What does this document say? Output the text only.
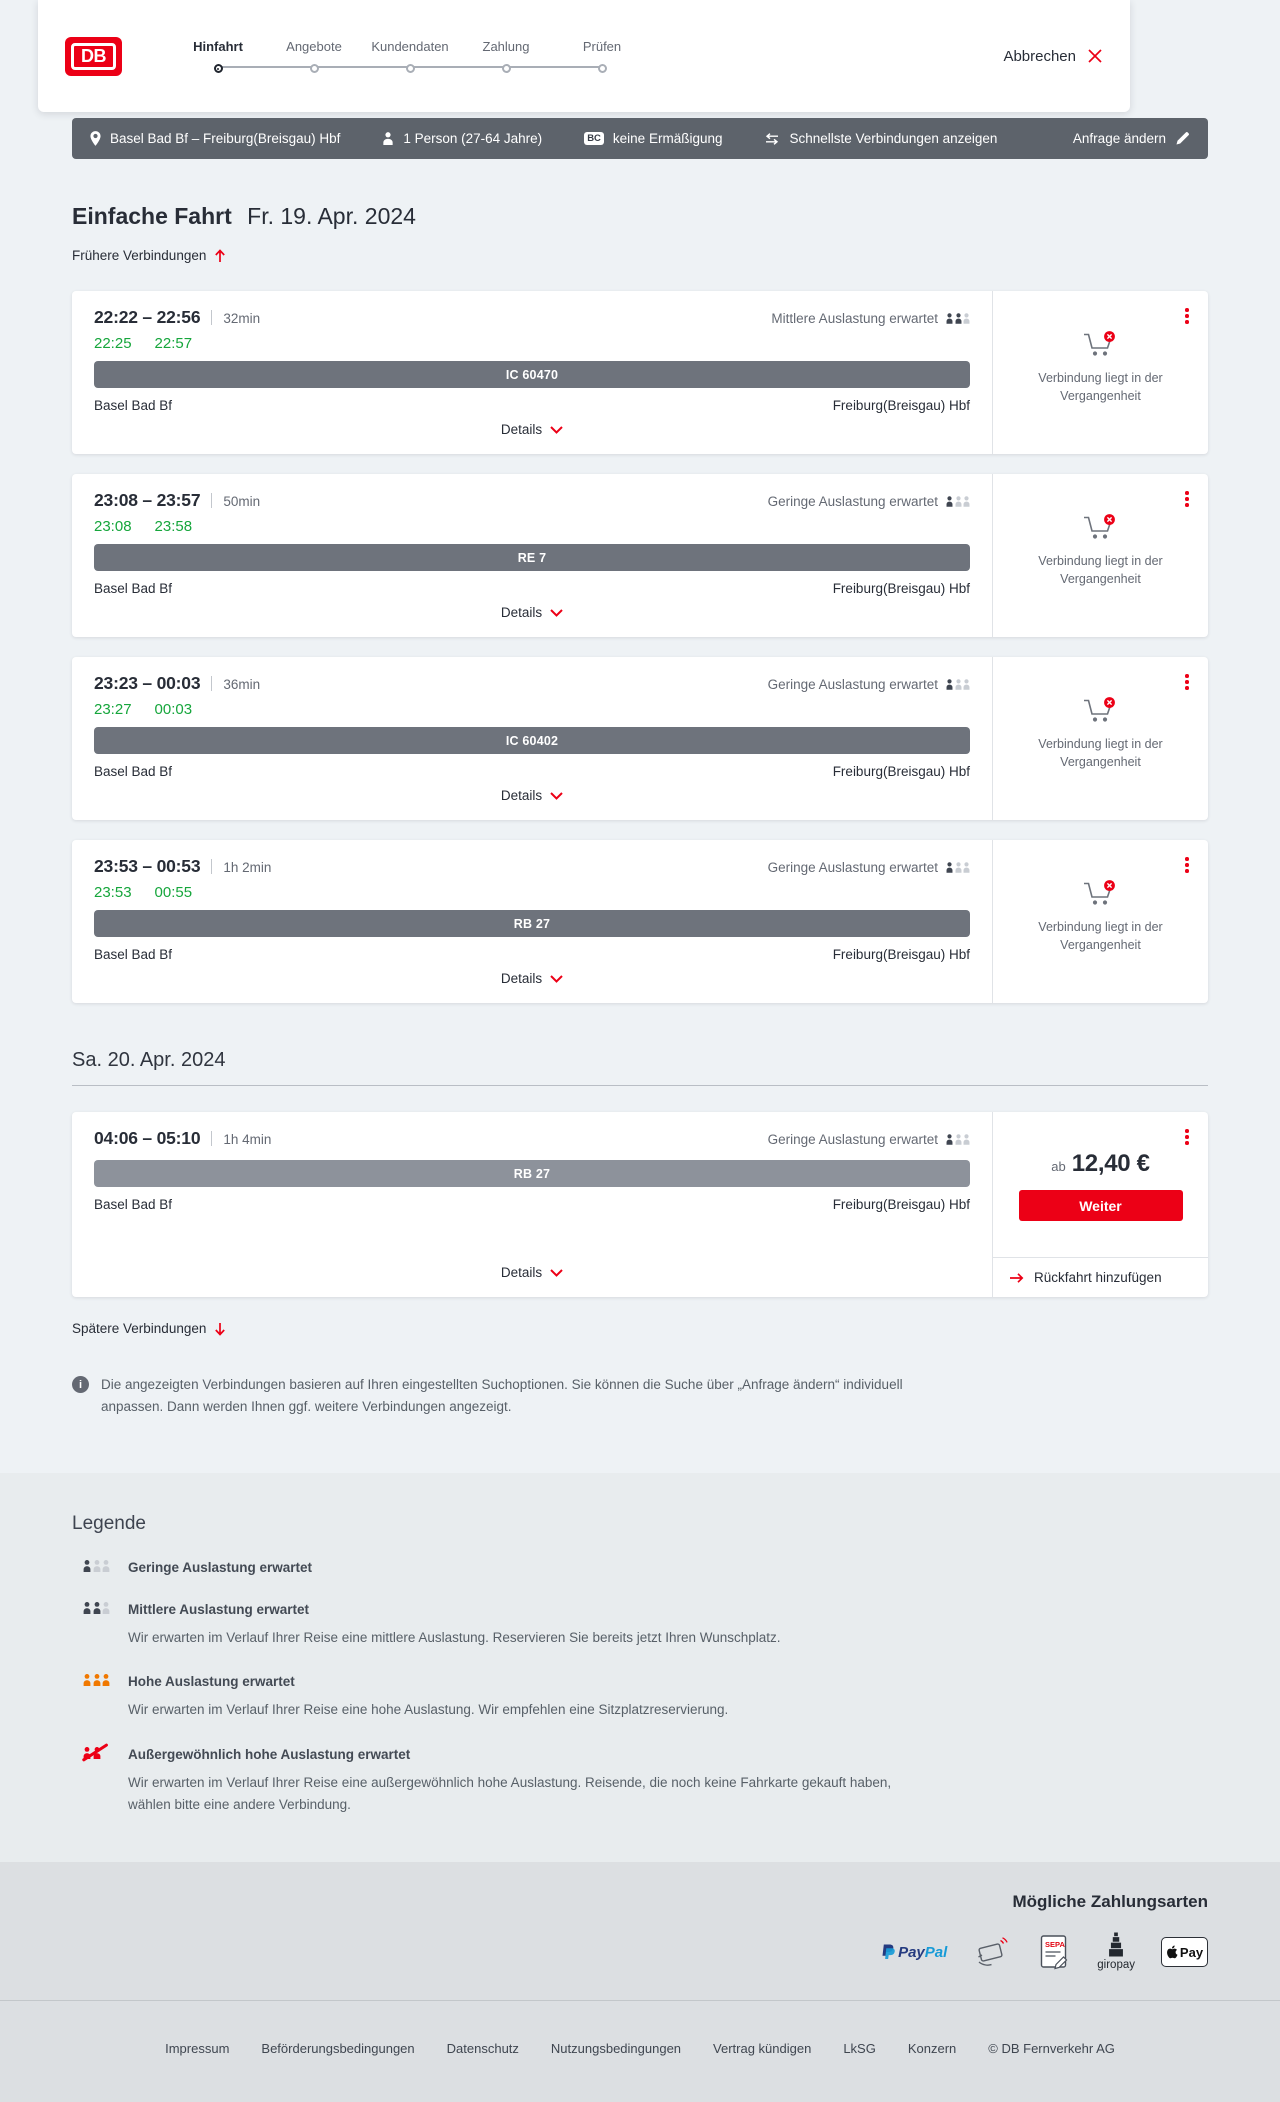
DB	Hinfahrt	Angebote	Kundendaten	Zahlung	Prüfen
Abbrechen
Basel Bad Bf – Freiburg(Breisgau) Hbf	1 Person (27-64 Jahre)	BC keine Ermäßigung	Schnellste Verbindungen anzeigen	Anfrage ändern
Einfache Fahrt Fr. 19. Apr. 2024
Frühere Verbindungen
22:22 – 22:56 32min	Mittlere Auslastung erwartet
22:25 22:57
IC 60470
Basel Bad Bf	Freiburg(Breisgau) Hbf
Details

Verbindung liegt in der Vergangenheit

23:08 – 23:57 50min	Geringe Auslastung erwartet
23:08 23:58
RE 7
Basel Bad Bf	Freiburg(Breisgau) Hbf
Details

Verbindung liegt in der Vergangenheit

23:23 – 00:03 36min	Geringe Auslastung erwartet
23:27 00:03
IC 60402
Basel Bad Bf	Freiburg(Breisgau) Hbf
Details

Verbindung liegt in der Vergangenheit

23:53 – 00:53 1h 2min	Geringe Auslastung erwartet
23:53 00:55
RB 27
Basel Bad Bf	Freiburg(Breisgau) Hbf
Details

Verbindung liegt in der Vergangenheit

Sa. 20. Apr. 2024
04:06 – 05:10 1h 4min	Geringe Auslastung erwartet
RB 27
Basel Bad Bf	Freiburg(Breisgau) Hbf
Details
ab 12,40 €
Weiter
Rückfahrt hinzufügen
Spätere Verbindungen
i	Die angezeigten Verbindungen basieren auf Ihren eingestellten Suchoptionen. Sie können die Suche über „Anfrage ändern“ individuell anpassen. Dann werden Ihnen ggf. weitere Verbindungen angezeigt.

Legende
Geringe Auslastung erwartet
Mittlere Auslastung erwartet

Wir erwarten im Verlauf Ihrer Reise eine mittlere Auslastung. Reservieren Sie bereits jetzt Ihren Wunschplatz.

Hohe Auslastung erwartet

Wir erwarten im Verlauf Ihrer Reise eine hohe Auslastung. Wir empfehlen eine Sitzplatzreservierung.

Außergewöhnlich hohe Auslastung erwartet

Wir erwarten im Verlauf Ihrer Reise eine außergewöhnlich hohe Auslastung. Reisende, die noch keine Fahrkarte gekauft haben, wählen bitte eine andere Verbindung.

Mögliche Zahlungsarten
Pay Pal	SEPA
giropay
Pay
Impressum Beförderungsbedingungen Datenschutz Nutzungsbedingungen Vertrag kündigen LkSG Konzern © DB Fernverkehr AG
